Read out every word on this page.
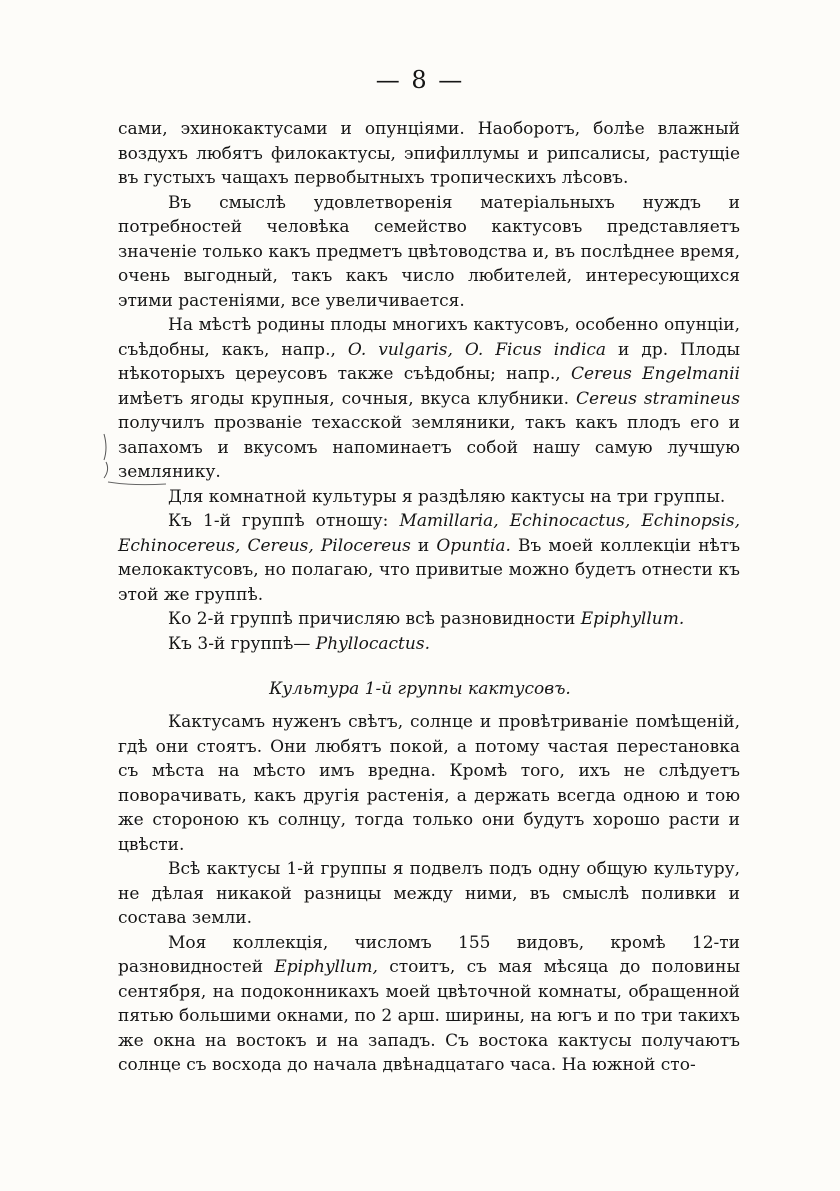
— 8 —

сами, эхинокактусами и опунціями. Наоборотъ, болѣе влажный воздухъ любятъ филокактусы, эпифиллумы и рипсалисы, растущіе въ густыхъ чащахъ первобытныхъ тропическихъ лѣсовъ.

Въ смыслѣ удовлетворенія матеріальныхъ нуждъ и потребностей человѣка семейство кактусовъ представляетъ значеніе только какъ предметъ цвѣтоводства и, въ послѣднее время, очень выгодный, такъ какъ число любителей, интересующихся этими растеніями, все увеличивается.

На мѣстѣ родины плоды многихъ кактусовъ, особенно опунціи, съѣдобны, какъ, напр., O. vulgaris, O. Ficus indica и др. Плоды нѣкоторыхъ цереусовъ также съѣдобны; напр., Cereus Engelmanii имѣетъ ягоды крупныя, сочныя, вкуса клубники. Cereus stramineus получилъ прозваніе техасской земляники, такъ какъ плодъ его и запахомъ и вкусомъ напоминаетъ собой нашу самую лучшую землянику.

Для комнатной культуры я раздѣляю кактусы на три группы.

Къ 1-й группѣ отношу: Mamillaria, Echinocactus, Echinopsis, Echinocereus, Cereus, Pilocereus и Opuntia. Въ моей коллекціи нѣтъ мелокактусовъ, но полагаю, что привитые можно будетъ отнести къ этой же группѣ.

Ко 2-й группѣ причисляю всѣ разновидности Epiphyllum.

Къ 3-й группѣ— Phyllocactus.

Культура 1-й группы кактусовъ.

Кактусамъ нуженъ свѣтъ, солнце и провѣтриваніе помѣщеній, гдѣ они стоятъ. Они любятъ покой, а потому частая перестановка съ мѣста на мѣсто имъ вредна. Кромѣ того, ихъ не слѣдуетъ поворачивать, какъ другія растенія, а держать всегда одною и тою же стороною къ солнцу, тогда только они будутъ хорошо расти и цвѣсти.

Всѣ кактусы 1-й группы я подвелъ подъ одну общую культуру, не дѣлая никакой разницы между ними, въ смыслѣ поливки и состава земли.

Моя коллекція, числомъ 155 видовъ, кромѣ 12-ти разновидностей Epiphyllum, стоитъ, съ мая мѣсяца до половины сентября, на подоконникахъ моей цвѣточной комнаты, обращенной пятью большими окнами, по 2 арш. ширины, на югъ и по три такихъ же окна на востокъ и на западъ. Съ востока кактусы получаютъ солнце съ восхода до начала двѣнадцатаго часа. На южной сто-
